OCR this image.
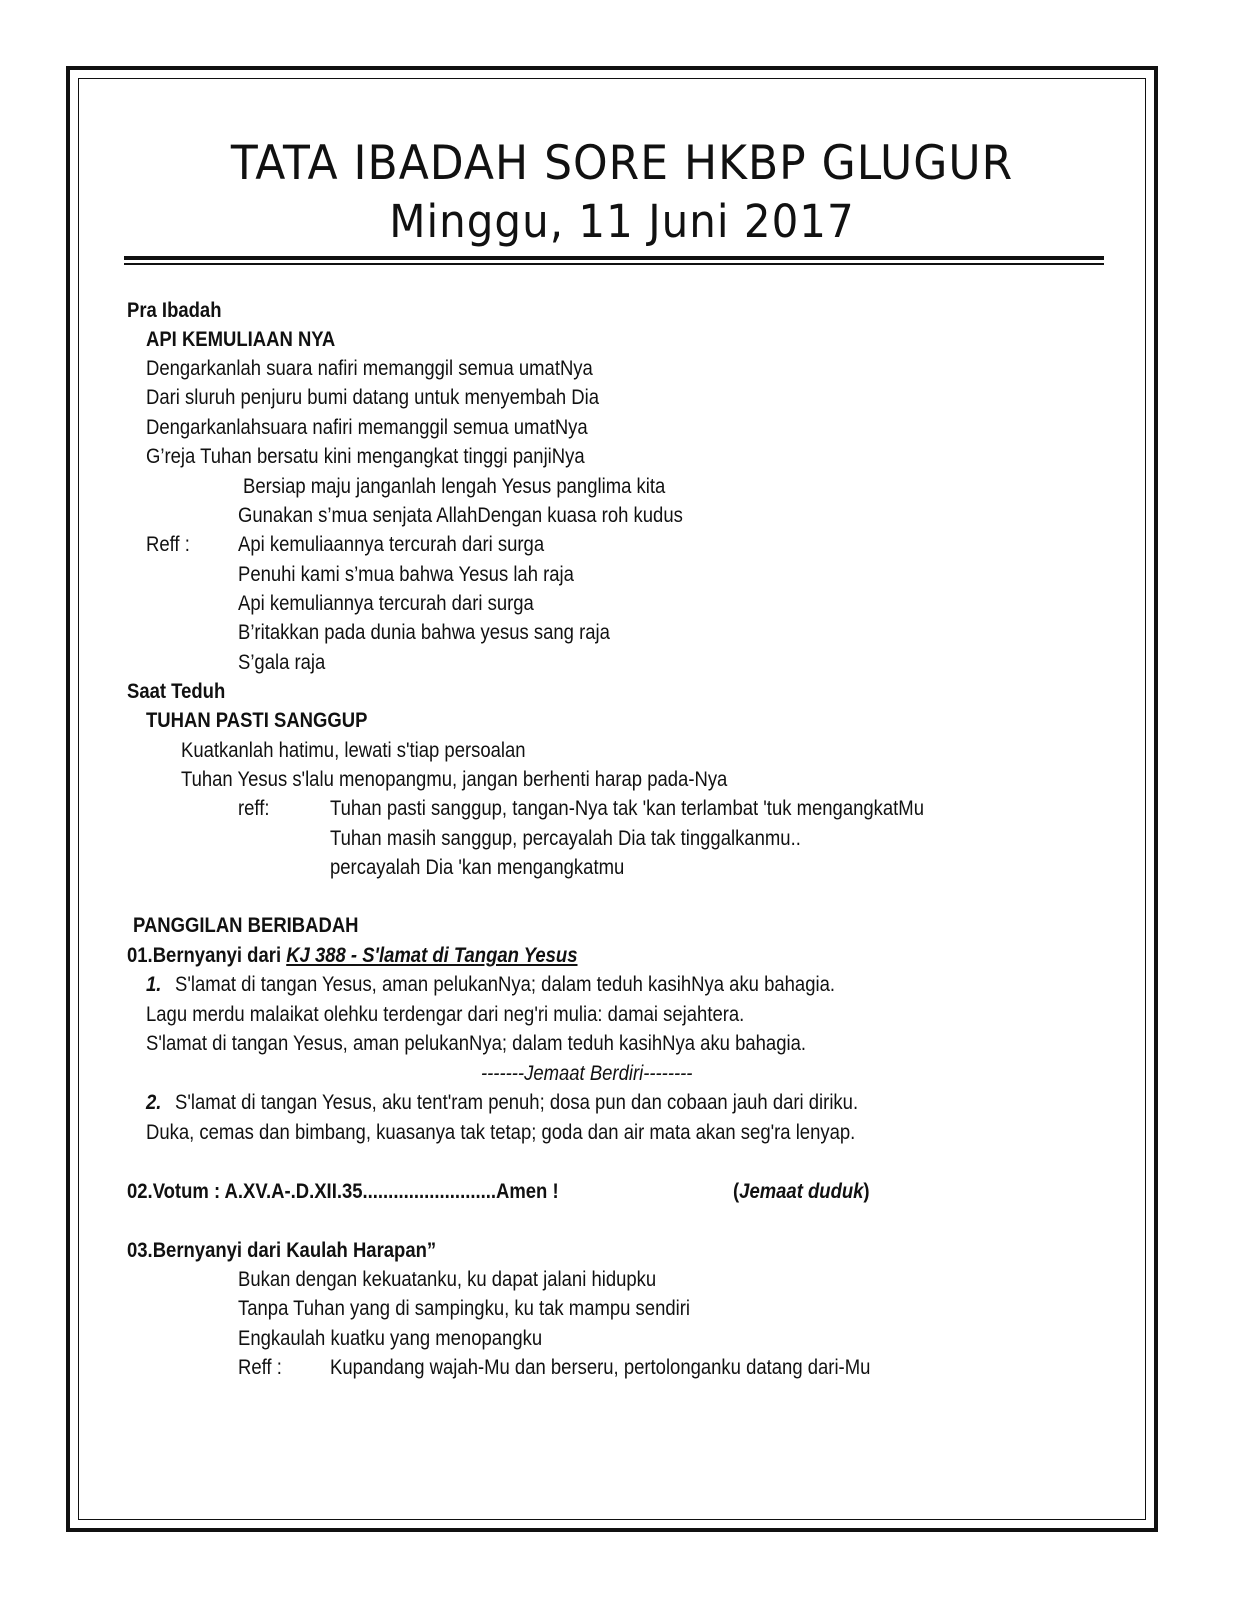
TATA IBADAH SORE HKBP GLUGUR
Minggu, 11 Juni 2017
Pra Ibadah
API KEMULIAAN NYA
Dengarkanlah suara nafiri memanggil semua umatNya
Dari sluruh penjuru bumi datang untuk menyembah Dia
Dengarkanlahsuara nafiri memanggil semua umatNya
G’reja Tuhan bersatu kini mengangkat tinggi panjiNya
Bersiap maju janganlah lengah Yesus panglima kita
Gunakan s’mua senjata AllahDengan kuasa roh kudus
Reff : Api kemuliaannya tercurah dari surga
Penuhi kami s’mua bahwa Yesus lah raja
Api kemuliannya tercurah dari surga
B’ritakkan pada dunia bahwa yesus sang raja
S’gala raja
Saat Teduh
TUHAN PASTI SANGGUP
Kuatkanlah hatimu, lewati s'tiap persoalan
Tuhan Yesus s'lalu menopangmu, jangan berhenti harap pada-Nya
reff:	Tuhan pasti sanggup, tangan-Nya tak 'kan terlambat 'tuk mengangkatMu
Tuhan masih sanggup, percayalah Dia tak tinggalkanmu..
percayalah Dia 'kan mengangkatmu
PANGGILAN BERIBADAH
01.Bernyanyi dari KJ 388 - S'lamat di Tangan Yesus
1. S'lamat di tangan Yesus, aman pelukanNya; dalam teduh kasihNya aku bahagia.
Lagu merdu malaikat olehku terdengar dari neg'ri mulia: damai sejahtera.
S'lamat di tangan Yesus, aman pelukanNya; dalam teduh kasihNya aku bahagia.
-------Jemaat Berdiri--------
2. S'lamat di tangan Yesus, aku tent'ram penuh; dosa pun dan cobaan jauh dari diriku.
Duka, cemas dan bimbang, kuasanya tak tetap; goda dan air mata akan seg'ra lenyap.
02.Votum : A.XV.A-.D.XII.35..........................Amen !	(Jemaat duduk)
03.Bernyanyi dari Kaulah Harapan”
Bukan dengan kekuatanku, ku dapat jalani hidupku
Tanpa Tuhan yang di sampingku, ku tak mampu sendiri
Engkaulah kuatku yang menopangku
Reff : Kupandang wajah-Mu dan berseru, pertolonganku datang dari-Mu
